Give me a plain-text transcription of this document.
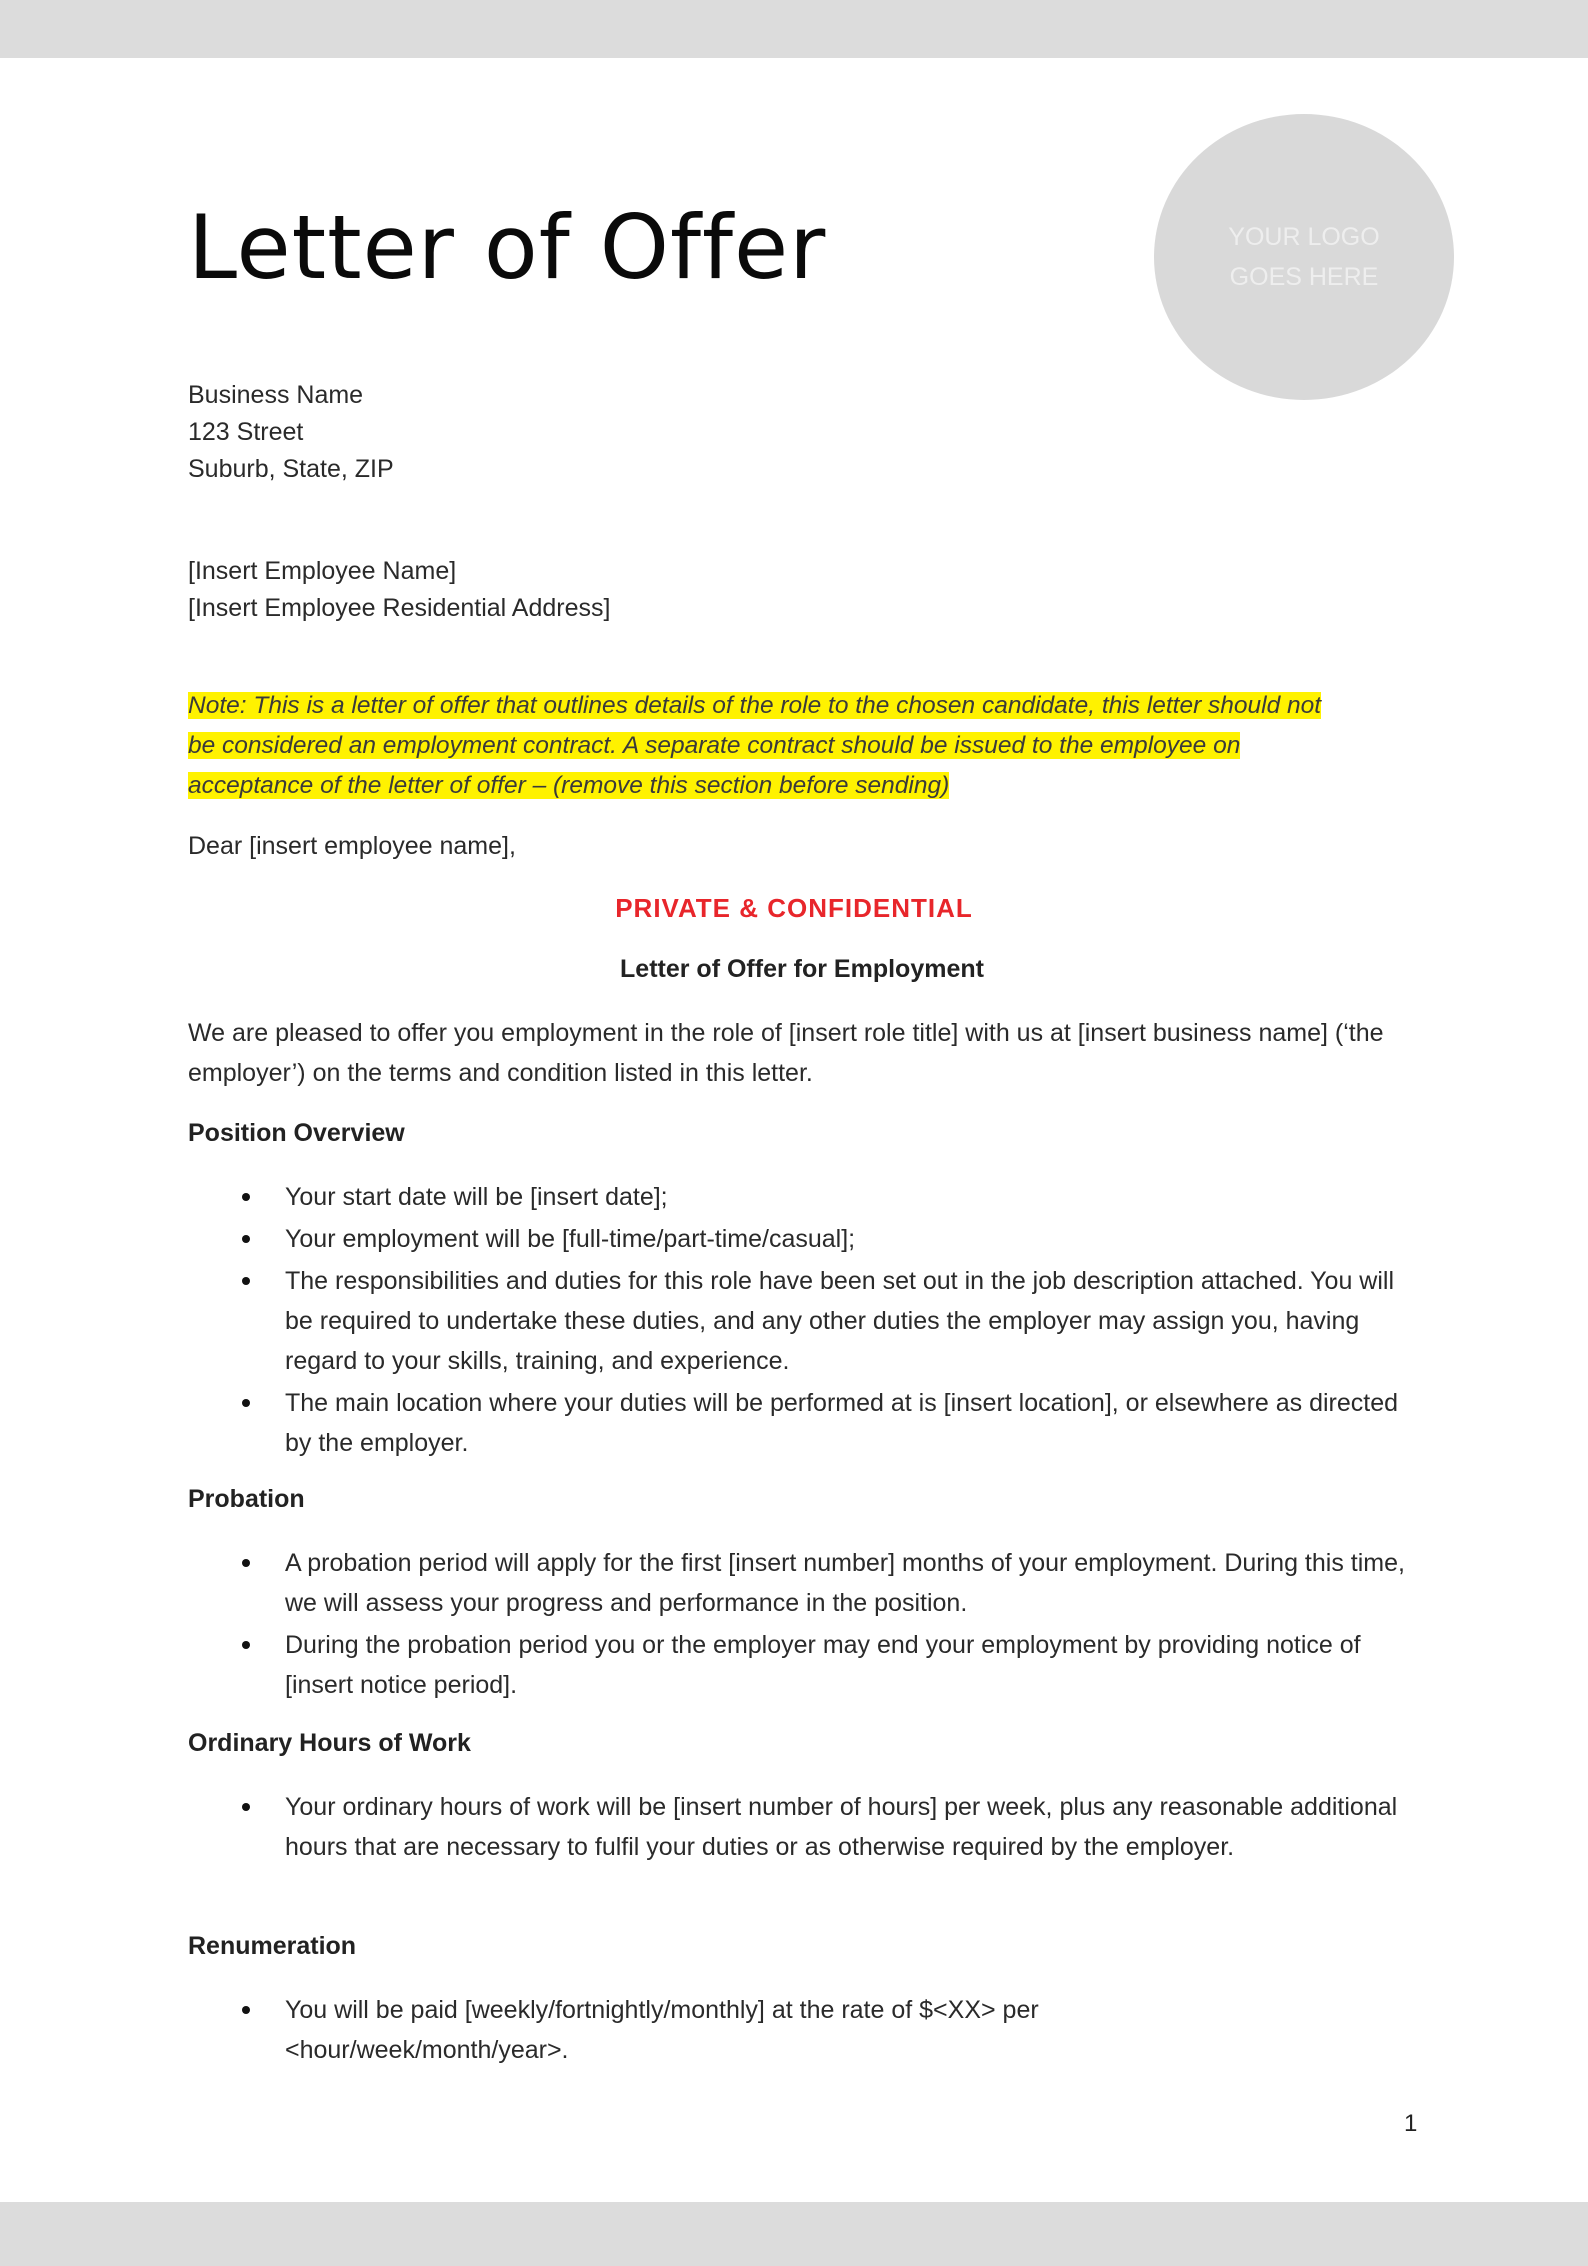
Letter of Offer	YOUR LOGO
GOES HERE
Business Name
123 Street
Suburb, State, ZIP
[Insert Employee Name]
[Insert Employee Residential Address]
Note: This is a letter of offer that outlines details of the role to the chosen candidate, this letter should not be considered an employment contract. A separate contract should be issued to the employee on acceptance of the letter of offer – (remove this section before sending)
Dear [insert employee name],
PRIVATE & CONFIDENTIAL
Letter of Offer for Employment
We are pleased to offer you employment in the role of [insert role title] with us at [insert business name] (‘the employer’) on the terms and condition listed in this letter.
Position Overview
Your start date will be [insert date];
Your employment will be [full-time/part-time/casual];
The responsibilities and duties for this role have been set out in the job description attached. You will be required to undertake these duties, and any other duties the employer may assign you, having regard to your skills, training, and experience.
The main location where your duties will be performed at is [insert location], or elsewhere as directed by the employer.
Probation
A probation period will apply for the first [insert number] months of your employment. During this time, we will assess your progress and performance in the position.
During the probation period you or the employer may end your employment by providing notice of [insert notice period].
Ordinary Hours of Work
Your ordinary hours of work will be [insert number of hours] per week, plus any reasonable additional hours that are necessary to fulfil your duties or as otherwise required by the employer.
Renumeration
You will be paid [weekly/fortnightly/monthly] at the rate of $<XX> per <hour/week/month/year>.
1
